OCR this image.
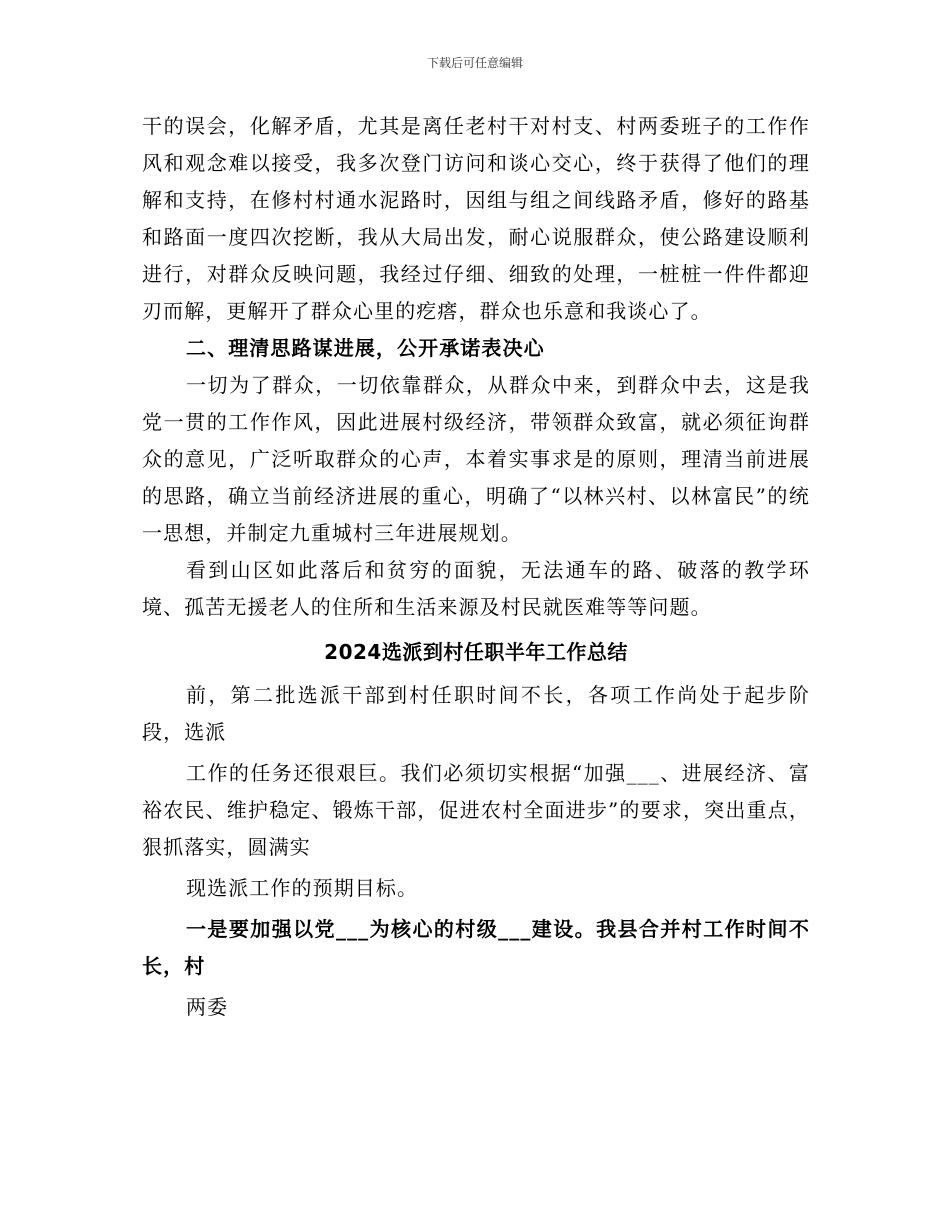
下载后可任意编辑

干的误会，化解矛盾，尤其是离任老村干对村支、村两委班子的工作作风和观念难以接受，我多次登门访问和谈心交心，终于获得了他们的理解和支持，在修村村通水泥路时，因组与组之间线路矛盾，修好的路基和路面一度四次挖断，我从大局出发，耐心说服群众，使公路建设顺利进行，对群众反映问题，我经过仔细、细致的处理，一桩桩一件件都迎刃而解，更解开了群众心里的疙瘩，群众也乐意和我谈心了。

二、理清思路谋进展，公开承诺表决心

一切为了群众，一切依靠群众，从群众中来，到群众中去，这是我党一贯的工作作风，因此进展村级经济，带领群众致富，就必须征询群众的意见，广泛听取群众的心声，本着实事求是的原则，理清当前进展的思路，确立当前经济进展的重心，明确了“以林兴村、以林富民”的统一思想，并制定九重城村三年进展规划。

看到山区如此落后和贫穷的面貌，无法通车的路、破落的教学环境、孤苦无援老人的住所和生活来源及村民就医难等等问题。

2024选派到村任职半年工作总结

前，第二批选派干部到村任职时间不长，各项工作尚处于起步阶段，选派

工作的任务还很艰巨。我们必须切实根据“加强___、进展经济、富裕农民、维护稳定、锻炼干部，促进农村全面进步”的要求，突出重点，狠抓落实，圆满实

现选派工作的预期目标。

一是要加强以党___为核心的村级___建设。我县合并村工作时间不长，村

两委
